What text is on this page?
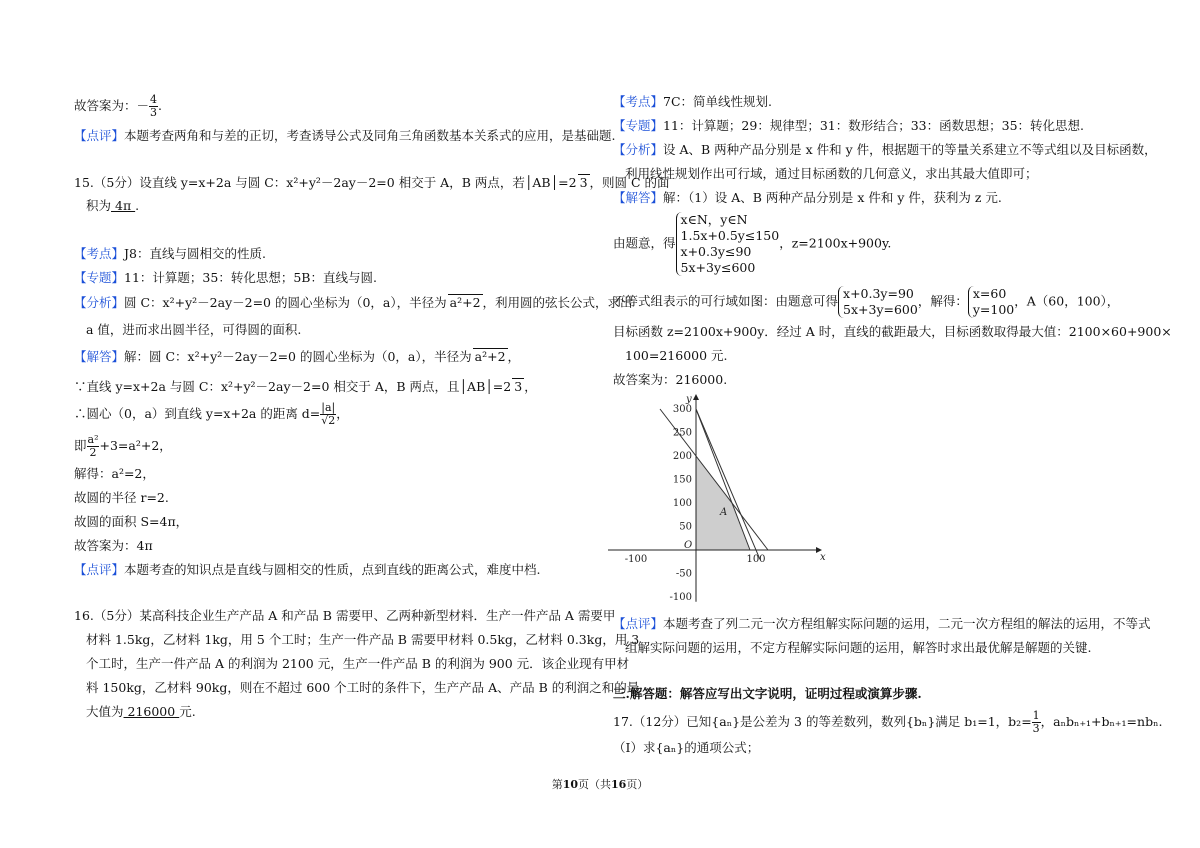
故答案为：－ $\frac{4}{3}$ .
【点评】本题考查两角和与差的正切，考查诱导公式及同角三角函数基本关系式的应用，是基础题.
15.（5分）设直线 y=x+2a 与圆 C：x²+y²－2ay－2=0 相交于 A，B 两点，若│AB│=2 3 ，则圆 C 的面
积为 4π .
【考点】J8：直线与圆相交的性质.
【专题】11：计算题；35：转化思想；5B：直线与圆.
【分析】圆 C：x²+y²－2ay－2=0 的圆心坐标为（0，a），半径为 a²+2 ，利用圆的弦长公式，求出
a 值，进而求出圆半径，可得圆的面积.
【解答】解：圆 C：x²+y²－2ay－2=0 的圆心坐标为（0，a），半径为 a²+2 ，
∵直线 y=x+2a 与圆 C：x²+y²－2ay－2=0 相交于 A，B 两点，且│AB│=2 3 ，
∴圆心（0，a）到直线 y=x+2a 的距离 $d= \frac{|a|}{√2}$ ，
即 $\frac{\text{a²}}{2} +3=a^2+2$，
解得：a²=2，
故圆的半径 r=2.
故圆的面积 S=4π，
故答案为：4π
【点评】本题考查的知识点是直线与圆相交的性质，点到直线的距离公式，难度中档.
16.（5分）某高科技企业生产产品 A 和产品 B 需要甲、乙两种新型材料．生产一件产品 A 需要甲
材料 1.5kg，乙材料 1kg，用 5 个工时；生产一件产品 B 需要甲材料 0.5kg，乙材料 0.3kg，用 3
个工时，生产一件产品 A 的利润为 2100 元，生产一件产品 B 的利润为 900 元．该企业现有甲材
料 150kg，乙材料 90kg，则在不超过 600 个工时的条件下，生产产品 A、产品 B 的利润之和的最
大值为 216000 元.
【考点】7C：简单线性规划.
【专题】11：计算题；29：规律型；31：数形结合；33：函数思想；35：转化思想.
【分析】设 A、B 两种产品分别是 x 件和 y 件，根据题干的等量关系建立不等式组以及目标函数，
利用线性规划作出可行域，通过目标函数的几何意义，求出其最大值即可；
【解答】解：（1）设 A、B 两种产品分别是 x 件和 y 件，获利为 z 元.
由题意，得
x∈N，y∈N
1.5x+0.5y≤150
x+0.3y≤90
5x+3y≤600
，z=2100x+900y.
不等式组表示的可行域如图：由题意可得 x+0.3y=90
5x+3y=600
，解得： x=60
y=100
，A（60，100），
目标函数 z=2100x+900y．经过 A 时，直线的截距最大，目标函数取得最大值：2100×60+900×
100=216000 元.
故答案为：216000.
【点评】本题考查了列二元一次方程组解实际问题的运用，二元一次方程组的解法的运用，不等式
组解实际问题的运用，不定方程解实际问题的运用，解答时求出最优解是解题的关键.
三.解答题：解答应写出文字说明，证明过程或演算步骤.
17.（12分）已知{aₙ}是公差为 3 的等差数列，数列{bₙ}满足 b₁=1，$b_2= \frac{1}{3}$ ，aₙbₙ₊₁+bₙ₊₁=nbₙ.
（Ⅰ）求{aₙ}的通项公式；
300
250
200
150
100
50
-50
-100
-100	100	x
y
O
A
第10页（共16页）
